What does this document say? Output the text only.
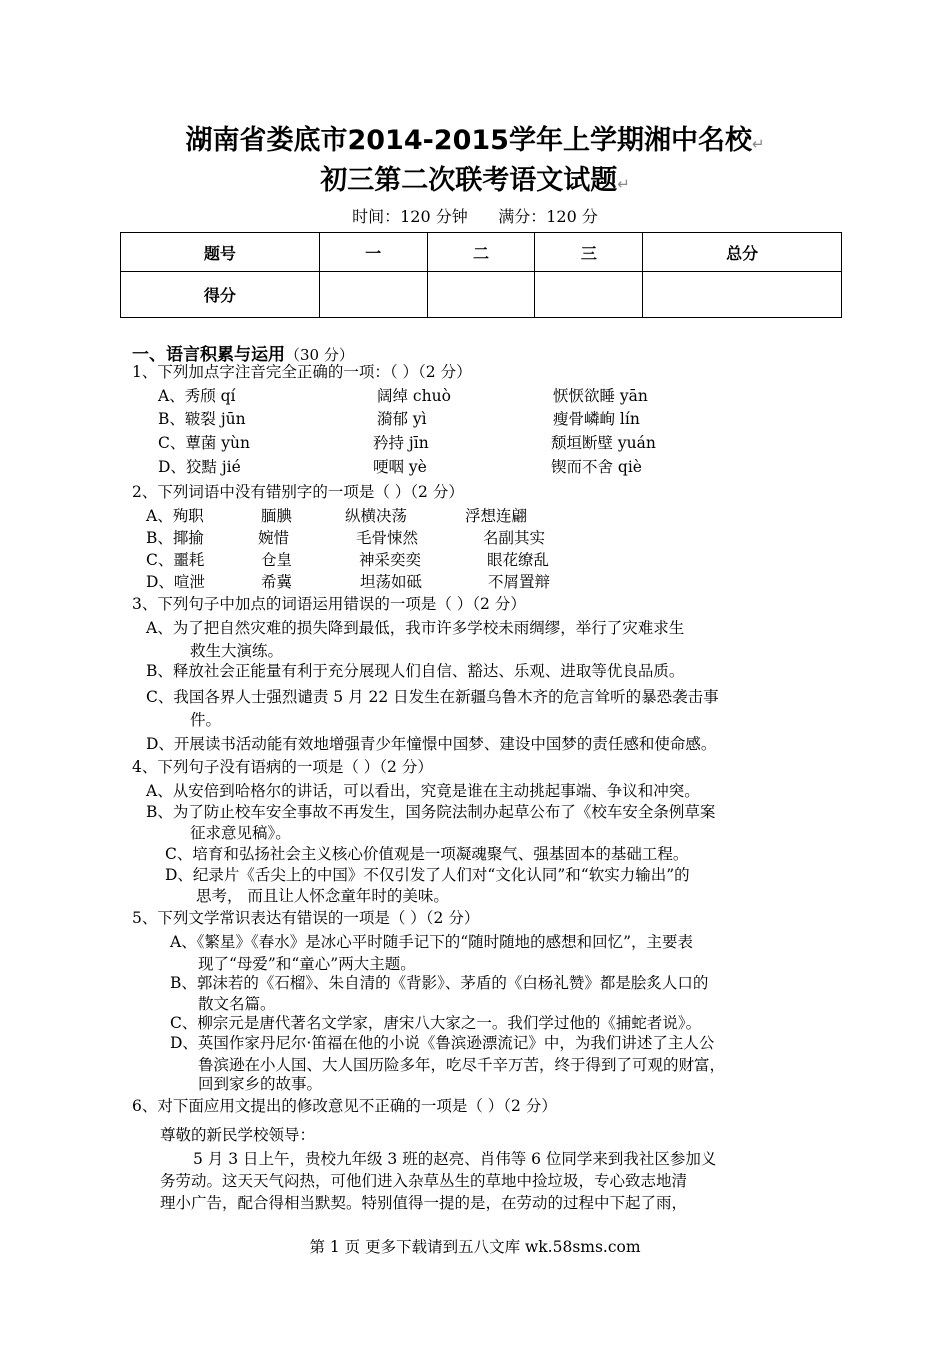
湖南省娄底市2014-2015学年上学期湘中名校↵
初三第二次联考语文试题↵
时间：120 分钟      满分：120 分
题号	一	二	三	总分
得分				
一、语言积累与运用（30 分）
1、下列加点字注音完全正确的一项：（ ）（2 分）
A、秀颀 qí	阔绰 chuò	恹恹欲睡 yān
B、皲裂 jūn	漪郁 yì	瘦骨嶙峋 lín
C、蕈菌 yùn	矜持 jīn	颓垣断壁 yuán
D、狡黠 jié	哽咽 yè	锲而不舍 qiè
2、下列词语中没有错别字的一项是（ ）（2 分）
A、殉职	腼腆	纵横决荡	浮想连翩
B、揶揄	婉惜	毛骨悚然	名副其实
C、噩耗	仓皇	神采奕奕	眼花缭乱
D、喧泄	希冀	坦荡如砥	不屑置辩
3、下列句子中加点的词语运用错误的一项是（ ）（2 分）
A、为了把自然灾难的损失降到最低，我市许多学校未雨绸缪，举行了灾难求生
救生大演练。
B、释放社会正能量有利于充分展现人们自信、豁达、乐观、进取等优良品质。
C、我国各界人士强烈谴责 5 月 22 日发生在新疆乌鲁木齐的危言耸听的暴恐袭击事
件。
D、开展读书活动能有效地增强青少年憧憬中国梦、建设中国梦的责任感和使命感。
4、下列句子没有语病的一项是（ ）（2 分）
A、从安倍到哈格尔的讲话，可以看出，究竟是谁在主动挑起事端、争议和冲突。
B、为了防止校车安全事故不再发生，国务院法制办起草公布了《校车安全条例草案
征求意见稿》。
C、培育和弘扬社会主义核心价值观是一项凝魂聚气、强基固本的基础工程。
D、纪录片《舌尖上的中国》不仅引发了人们对“文化认同”和“软实力输出”的
思考， 而且让人怀念童年时的美味。
5、下列文学常识表达有错误的一项是（ ）（2 分）
A、《繁星》《春水》是冰心平时随手记下的“随时随地的感想和回忆”，主要表
现了“母爱”和“童心”两大主题。
B、郭沫若的《石榴》、朱自清的《背影》、茅盾的《白杨礼赞》都是脍炙人口的
散文名篇。
C、柳宗元是唐代著名文学家，唐宋八大家之一。我们学过他的《捕蛇者说》。
D、英国作家丹尼尔·笛福在他的小说《鲁滨逊漂流记》中，为我们讲述了主人公
鲁滨逊在小人国、大人国历险多年，吃尽千辛万苦，终于得到了可观的财富，
回到家乡的故事。
6、对下面应用文提出的修改意见不正确的一项是（ ）（2 分）
尊敬的新民学校领导：
5 月 3 日上午，贵校九年级 3 班的赵亮、肖伟等 6 位同学来到我社区参加义
务劳动。这天天气闷热，可他们进入杂草丛生的草地中捡垃圾，专心致志地清
理小广告，配合得相当默契。特别值得一提的是，在劳动的过程中下起了雨，
第 1 页 更多下载请到五八文库 wk.58sms.com
